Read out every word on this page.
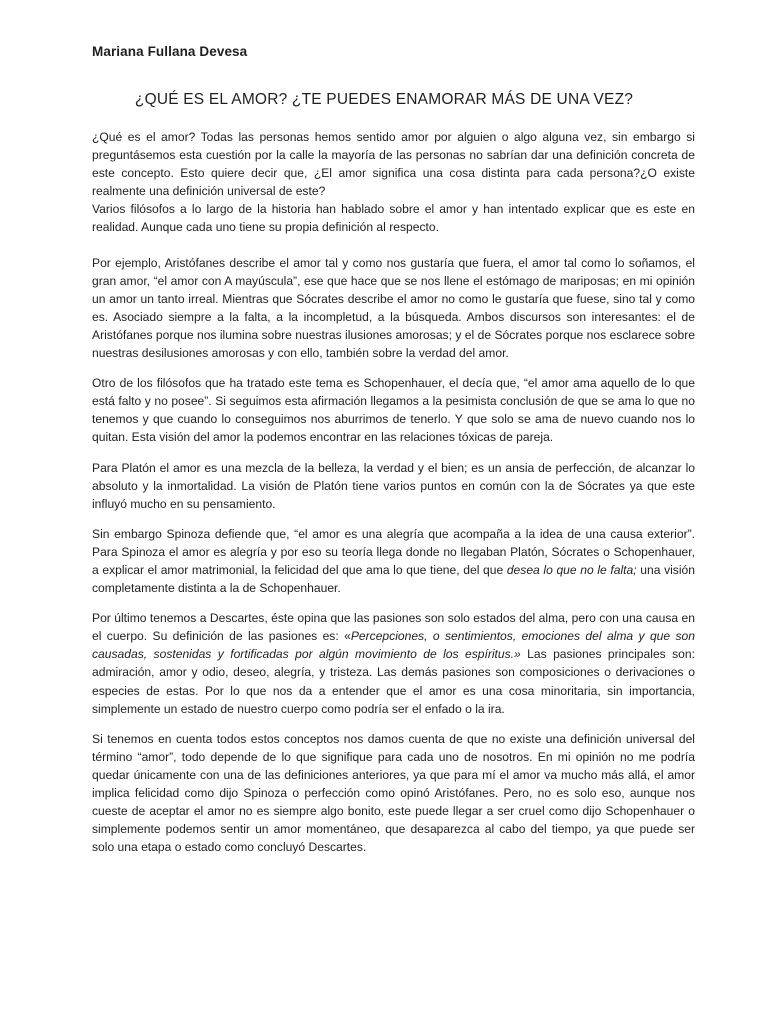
Mariana Fullana Devesa
¿QUÉ ES EL AMOR? ¿TE PUEDES ENAMORAR MÁS DE UNA VEZ?

¿Qué es el amor? Todas las personas hemos sentido amor por alguien o algo alguna vez, sin embargo si preguntásemos esta cuestión por la calle la mayoría de las personas no sabrían dar una definición concreta de este concepto. Esto quiere decir que, ¿El amor significa una cosa distinta para cada persona?¿O existe realmente una definición universal de este?

Varios filósofos a lo largo de la historia han hablado sobre el amor y han intentado explicar que es este en realidad. Aunque cada uno tiene su propia definición al respecto.

Por ejemplo, Aristófanes describe el amor tal y como nos gustaría que fuera, el amor tal como lo soñamos, el gran amor, “el amor con A mayúscula”, ese que hace que se nos llene el estómago de mariposas; en mi opinión un amor un tanto irreal. Mientras que Sócrates describe el amor no como le gustaría que fuese, sino tal y como es. Asociado siempre a la falta, a la incompletud, a la búsqueda. Ambos discursos son interesantes: el de Aristófanes porque nos ilumina sobre nuestras ilusiones amorosas; y el de Sócrates porque nos esclarece sobre nuestras desilusiones amorosas y con ello, también sobre la verdad del amor.

Otro de los filósofos que ha tratado este tema es Schopenhauer, el decía que, “el amor ama aquello de lo que está falto y no posee”. Si seguimos esta afirmación llegamos a la pesimista conclusión de que se ama lo que no tenemos y que cuando lo conseguimos nos aburrimos de tenerlo. Y que solo se ama de nuevo cuando nos lo quitan. Esta visión del amor la podemos encontrar en las relaciones tóxicas de pareja.

Para Platón el amor es una mezcla de la belleza, la verdad y el bien; es un ansia de perfección, de alcanzar lo absoluto y la inmortalidad. La visión de Platón tiene varios puntos en común con la de Sócrates ya que este influyó mucho en su pensamiento.

Sin embargo Spinoza defiende que, “el amor es una alegría que acompaña a la idea de una causa exterior”. Para Spinoza el amor es alegría y por eso su teoría llega donde no llegaban Platón, Sócrates o Schopenhauer, a explicar el amor matrimonial, la felicidad del que ama lo que tiene, del que desea lo que no le falta; una visión completamente distinta a la de Schopenhauer.

Por último tenemos a Descartes, éste opina que las pasiones son solo estados del alma, pero con una causa en el cuerpo. Su definición de las pasiones es: «Percepciones, o sentimientos, emociones del alma y que son causadas, sostenidas y fortificadas por algún movimiento de los espíritus.» Las pasiones principales son: admiración, amor y odio, deseo, alegría, y tristeza. Las demás pasiones son composiciones o derivaciones o especies de estas. Por lo que nos da a entender que el amor es una cosa minoritaria, sin importancia, simplemente un estado de nuestro cuerpo como podría ser el enfado o la ira.

Si tenemos en cuenta todos estos conceptos nos damos cuenta de que no existe una definición universal del término “amor”, todo depende de lo que signifique para cada uno de nosotros. En mi opinión no me podría quedar únicamente con una de las definiciones anteriores, ya que para mí el amor va mucho más allá, el amor implica felicidad como dijo Spinoza o perfección como opinó Aristófanes. Pero, no es solo eso, aunque nos cueste de aceptar el amor no es siempre algo bonito, este puede llegar a ser cruel como dijo Schopenhauer o simplemente podemos sentir un amor momentáneo, que desaparezca al cabo del tiempo, ya que puede ser solo una etapa o estado como concluyó Descartes.
